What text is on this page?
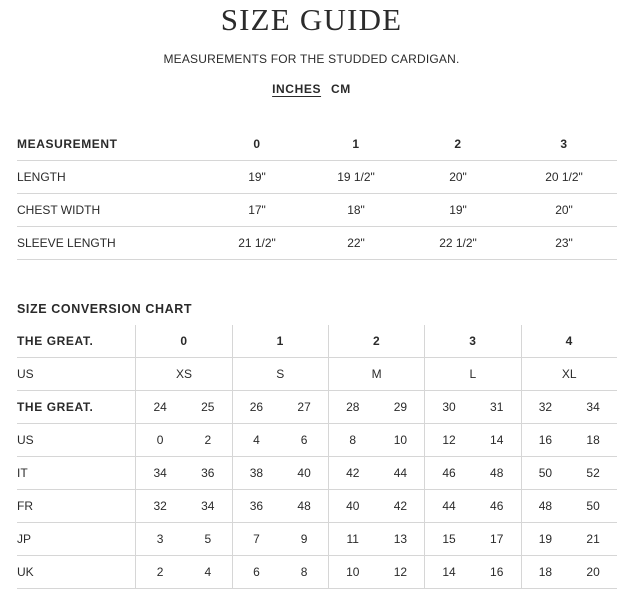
SIZE GUIDE
MEASUREMENTS FOR THE STUDDED CARDIGAN.
INCHES CM
MEASUREMENT	0	1	2	3
LENGTH	19"	19 1/2"	20"	20 1/2"
CHEST WIDTH	17"	18"	19"	20"
SLEEVE LENGTH	21 1/2"	22"	22 1/2"	23"
SIZE CONVERSION CHART
THE GREAT.	0		1		2		3		4	
US	XS		S		M		L		XL	
THE GREAT.	24	25	26	27	28	29	30	31	32	34
US	0	2	4	6	8	10	12	14	16	18
IT	34	36	38	40	42	44	46	48	50	52
FR	32	34	36	48	40	42	44	46	48	50
JP	3	5	7	9	11	13	15	17	19	21
UK	2	4	6	8	10	12	14	16	18	20
